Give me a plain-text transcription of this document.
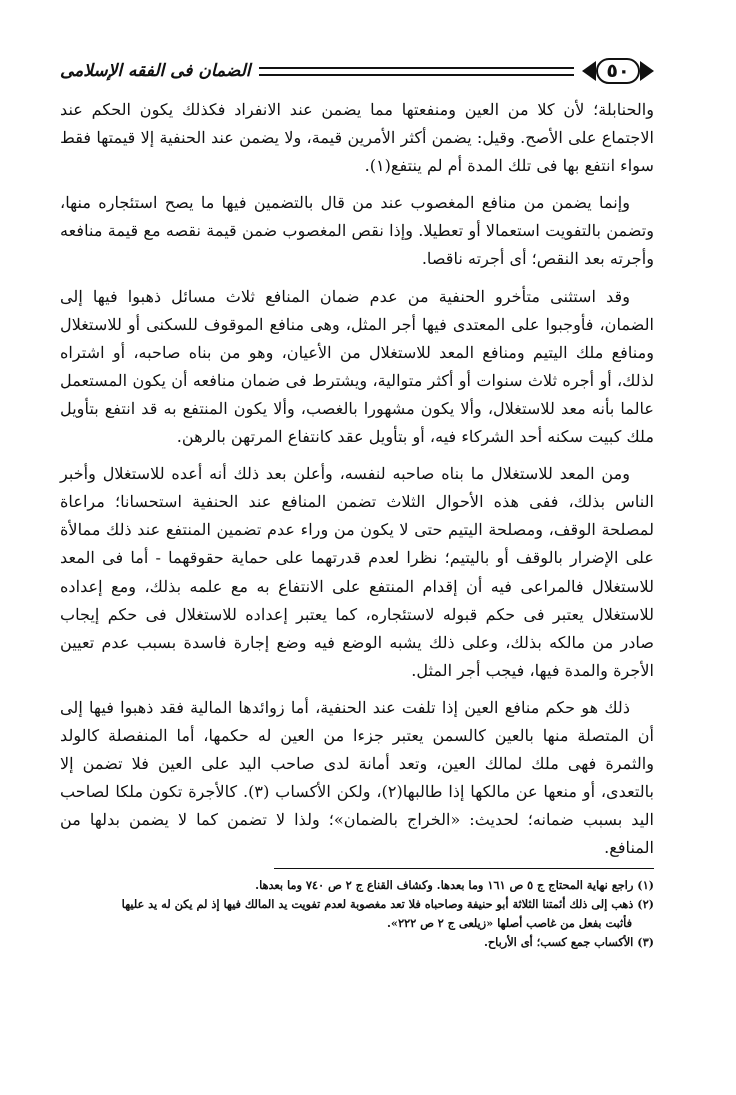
٥٠
الضمان فى الفقه الإسلامى

والحنابلة؛ لأن كلا من العين ومنفعتها مما يضمن عند الانفراد فكذلك يكون الحكم عند الاجتماع على الأصح. وقيل: يضمن أكثر الأمرين قيمة، ولا يضمن عند الحنفية إلا قيمتها فقط سواء انتفع بها فى تلك المدة أم لم ينتفع(١).

وإنما يضمن من منافع المغصوب عند من قال بالتضمين فيها ما يصح استئجاره منها، وتضمن بالتفويت استعمالا أو تعطيلا. وإذا نقص المغصوب ضمن قيمة نقصه مع قيمة منافعه وأجرته بعد النقص؛ أى أجرته ناقصا.

وقد استثنى متأخرو الحنفية من عدم ضمان المنافع ثلاث مسائل ذهبوا فيها إلى الضمان، فأوجبوا على المعتدى فيها أجر المثل، وهى منافع الموقوف للسكنى أو للاستغلال ومنافع ملك اليتيم ومنافع المعد للاستغلال من الأعيان، وهو من بناه صاحبه، أو اشتراه لذلك، أو أجره ثلاث سنوات أو أكثر متوالية، ويشترط فى ضمان منافعه أن يكون المستعمل عالما بأنه معد للاستغلال، وألا يكون مشهورا بالغصب، وألا يكون المنتفع به قد انتفع بتأويل ملك كبيت سكنه أحد الشركاء فيه، أو بتأويل عقد كانتفاع المرتهن بالرهن.

ومن المعد للاستغلال ما بناه صاحبه لنفسه، وأعلن بعد ذلك أنه أعده للاستغلال وأخبر الناس بذلك، ففى هذه الأحوال الثلاث تضمن المنافع عند الحنفية استحسانا؛ مراعاة لمصلحة الوقف، ومصلحة اليتيم حتى لا يكون من وراء عدم تضمين المنتفع عند ذلك ممالأة على الإضرار بالوقف أو باليتيم؛ نظرا لعدم قدرتهما على حماية حقوقهما - أما فى المعد للاستغلال فالمراعى فيه أن إقدام المنتفع على الانتفاع به مع علمه بذلك، ومع إعداده للاستغلال يعتبر فى حكم قبوله لاستئجاره، كما يعتبر إعداده للاستغلال فى حكم إيجاب صادر من مالكه بذلك، وعلى ذلك يشبه الوضع فيه وضع إجارة فاسدة بسبب عدم تعيين الأجرة والمدة فيها، فيجب أجر المثل.

ذلك هو حكم منافع العين إذا تلفت عند الحنفية، أما زوائدها المالية فقد ذهبوا فيها إلى أن المتصلة منها بالعين كالسمن يعتبر جزءا من العين له حكمها، أما المنفصلة كالولد والثمرة فهى ملك لمالك العين، وتعد أمانة لدى صاحب اليد على العين فلا تضمن إلا بالتعدى، أو منعها عن مالكها إذا طالبها(٢)، ولكن الأكساب (٣). كالأجرة تكون ملكا لصاحب اليد بسبب ضمانه؛ لحديث: «الخراج بالضمان»؛ ولذا لا تضمن كما لا يضمن بدلها من المنافع.

(١) راجع نهاية المحتاج ج ٥ ص ١٦١ وما بعدها. وكشاف القناع ج ٢ ص ٧٤٠ وما بعدها.
(٢) ذهب إلى ذلك أئمتنا الثلاثة أبو حنيفة وصاحباه فلا تعد مغصوبة لعدم تفويت يد المالك فيها إذ لم يكن له يد عليها
فأثبت بفعل من غاصب أصلها «زيلعى ج ٢ ص ٢٢٢».
(٣) الأكساب جمع كسب؛ أى الأرباح.
